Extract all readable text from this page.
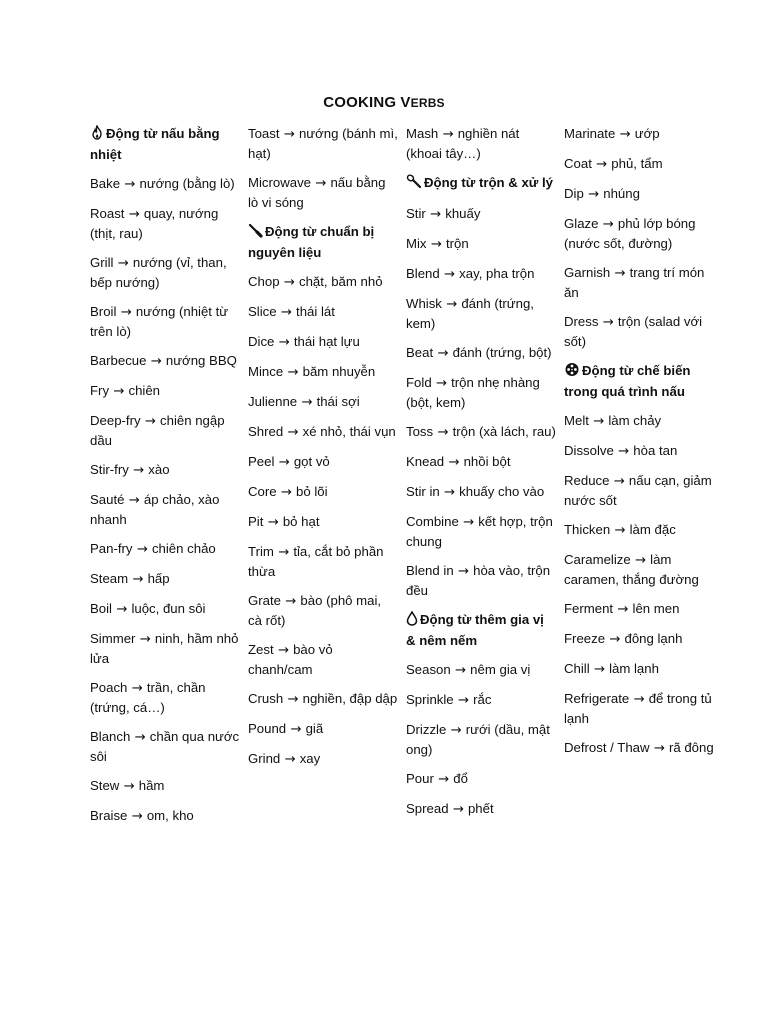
COOKING VERBS
Động từ nấu bằng nhiệt
Bake → nướng (bằng lò)
Roast → quay, nướng (thịt, rau)
Grill → nướng (vỉ, than, bếp nướng)
Broil → nướng (nhiệt từ trên lò)
Barbecue → nướng BBQ
Fry → chiên
Deep-fry → chiên ngập dầu
Stir-fry → xào
Sauté → áp chảo, xào nhanh
Pan-fry → chiên chảo
Steam → hấp
Boil → luộc, đun sôi
Simmer → ninh, hầm nhỏ lửa
Poach → trần, chần (trứng, cá…)
Blanch → chần qua nước sôi
Stew → hầm
Braise → om, kho
Toast → nướng (bánh mì, hạt)
Microwave → nấu bằng lò vi sóng
Động từ chuẩn bị nguyên liệu
Chop → chặt, băm nhỏ
Slice → thái lát
Dice → thái hạt lựu
Mince → băm nhuyễn
Julienne → thái sợi
Shred → xé nhỏ, thái vụn
Peel → gọt vỏ
Core → bỏ lõi
Pit → bỏ hạt
Trim → tỉa, cắt bỏ phần thừa
Grate → bào (phô mai, cà rốt)
Zest → bào vỏ chanh/cam
Crush → nghiền, đập dập
Pound → giã
Grind → xay
Mash → nghiền nát (khoai tây…)
Động từ trộn & xử lý
Stir → khuấy
Mix → trộn
Blend → xay, pha trộn
Whisk → đánh (trứng, kem)
Beat → đánh (trứng, bột)
Fold → trộn nhẹ nhàng (bột, kem)
Toss → trộn (xà lách, rau)
Knead → nhồi bột
Stir in → khuấy cho vào
Combine → kết hợp, trộn chung
Blend in → hòa vào, trộn đều
Động từ thêm gia vị & nêm nếm
Season → nêm gia vị
Sprinkle → rắc
Drizzle → rưới (dầu, mật ong)
Pour → đổ
Spread → phết
Marinate → ướp
Coat → phủ, tẩm
Dip → nhúng
Glaze → phủ lớp bóng (nước sốt, đường)
Garnish → trang trí món ăn
Dress → trộn (salad với sốt)
Động từ chế biến trong quá trình nấu
Melt → làm chảy
Dissolve → hòa tan
Reduce → nấu cạn, giảm nước sốt
Thicken → làm đặc
Caramelize → làm caramen, thắng đường
Ferment → lên men
Freeze → đông lạnh
Chill → làm lạnh
Refrigerate → để trong tủ lạnh
Defrost / Thaw → rã đông
